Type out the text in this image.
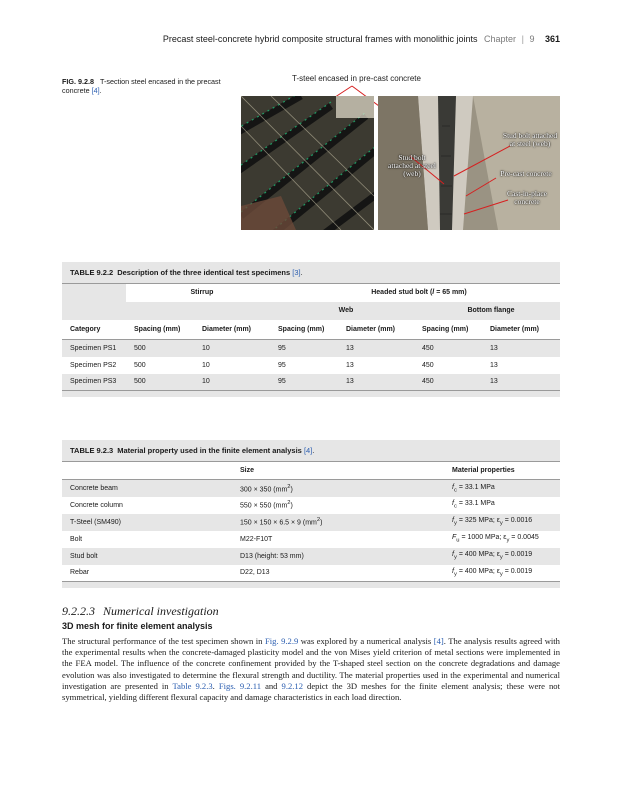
Precast steel-concrete hybrid composite structural frames with monolithic joints Chapter | 9 361
FIG. 9.2.8 T-section steel encased in the precast concrete [4].
T-steel encased in pre-cast concrete
Stud bolt attached at steel (web)
Stud bolt attached at steel (web)
Pre-cast concrete
Cast-in-place concrete
TABLE 9.2.2 Description of the three identical test specimens [3].
	Stirrup		Headed stud bolt (l = 65 mm)			
			Web		Bottom flange	
Category	Spacing (mm)	Diameter (mm)	Spacing (mm)	Diameter (mm)	Spacing (mm)	Diameter (mm)
Specimen PS1	500	10	95	13	450	13
Specimen PS2	500	10	95	13	450	13
Specimen PS3	500	10	95	13	450	13
TABLE 9.2.3 Material property used in the finite element analysis [4].
	Size	Material properties
Concrete beam	300 × 350 $(mm^2)$	$f_c = 33.1$ MPa
Concrete column	550 × 550 $(mm^2)$	$f_c = 33.1$ MPa
T-Steel (SM490)	150 × 150 × 6.5 × 9 $(mm^2)$	$f_y = 325$ MPa; $\varepsilon_y = 0.0016$
Bolt	M22-F10T	$F_u = 1000$ MPa; $\varepsilon_y = 0.0045$
Stud bolt	D13 (height: 53 mm)	$f_y = 400$ MPa; $\varepsilon_y = 0.0019$
Rebar	D22, D13	$f_y = 400$ MPa; $\varepsilon_y = 0.0019$
9.2.2.3 Numerical investigation
3D mesh for finite element analysis
The structural performance of the test specimen shown in Fig. 9.2.9 was explored by a numerical analysis [4]. The analysis results agreed with the experimental results when the concrete-damaged plasticity model and the von Mises yield criterion of metal sections were implemented in the FEA model. The influence of the concrete confinement provided by the T-shaped steel section on the concrete degradations and damage evolution was also investigated to determine the flexural strength and ductility. The material properties used in the experimental and numerical investigation are presented in Table 9.2.3. Figs. 9.2.11 and 9.2.12 depict the 3D meshes for the finite element analysis; these were not symmetrical, yielding different flexural capacity and damage characteristics in each load direction.
